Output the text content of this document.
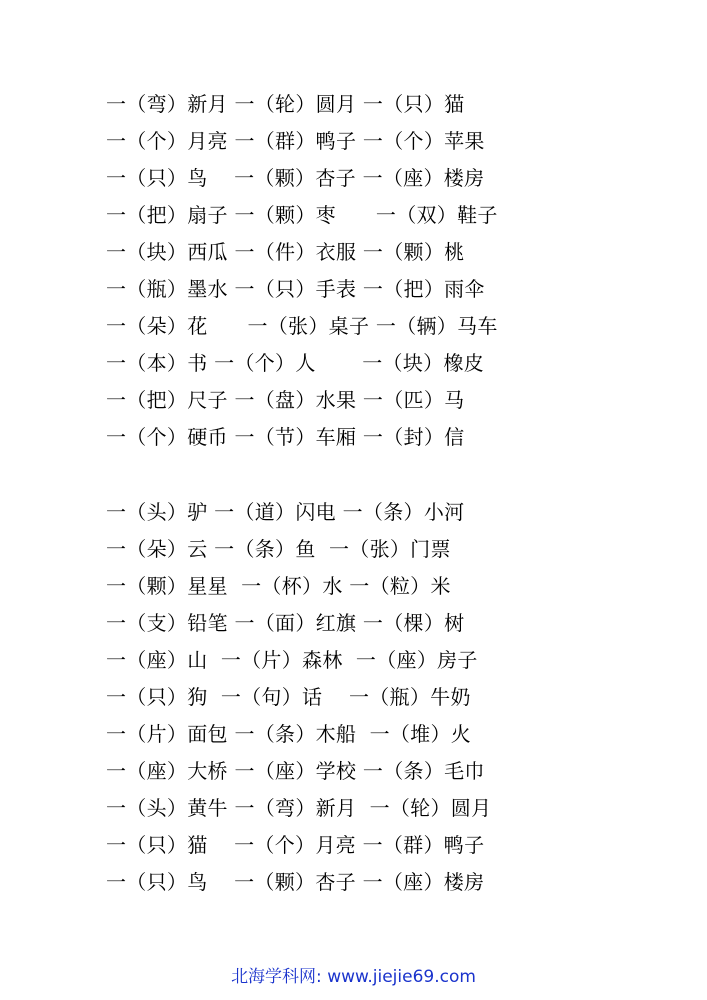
一（弯）新月 一（轮）圆月 一（只）猫
一（个）月亮 一（群）鸭子 一（个）苹果
一（只）鸟    一（颗）杏子 一（座）楼房
一（把）扇子 一（颗）枣      一（双）鞋子
一（块）西瓜 一（件）衣服 一（颗）桃
一（瓶）墨水 一（只）手表 一（把）雨伞
一（朵）花      一（张）桌子 一（辆）马车
一（本）书 一（个）人       一（块）橡皮
一（把）尺子 一（盘）水果 一（匹）马
一（个）硬币 一（节）车厢 一（封）信
一（头）驴 一（道）闪电 一（条）小河
一（朵）云 一（条）鱼  一（张）门票
一（颗）星星  一（杯）水 一（粒）米
一（支）铅笔 一（面）红旗 一（棵）树
一（座）山  一（片）森林  一（座）房子
一（只）狗  一（句）话    一（瓶）牛奶
一（片）面包 一（条）木船  一（堆）火
一（座）大桥 一（座）学校 一（条）毛巾
一（头）黄牛 一（弯）新月  一（轮）圆月
一（只）猫    一（个）月亮 一（群）鸭子
一（只）鸟    一（颗）杏子 一（座）楼房
北海学科网: www.jiejie69.com
